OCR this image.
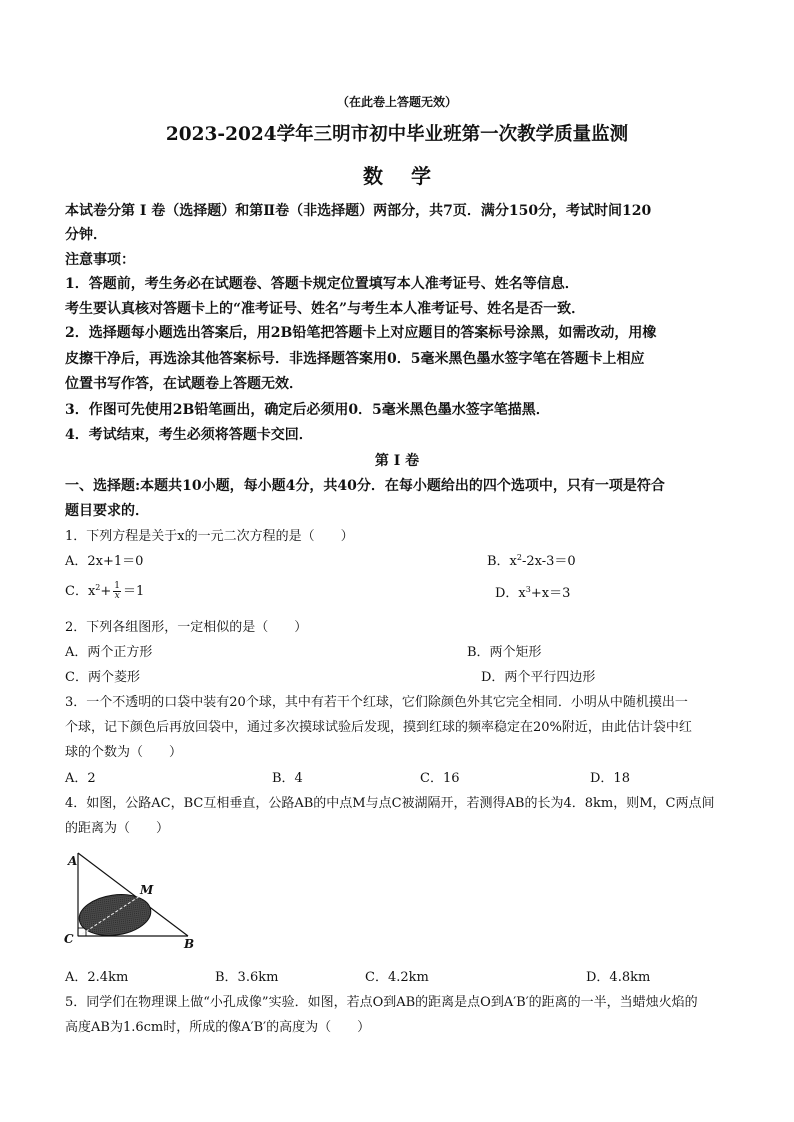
（在此卷上答题无效）
2023-2024学年三明市初中毕业班第一次教学质量监测
数学
本试卷分第 I 卷（选择题）和第Ⅱ卷（非选择题）两部分，共7页．满分150分，考试时间120
分钟．
注意事项：
1．答题前，考生务必在试题卷、答题卡规定位置填写本人准考证号、姓名等信息．
考生要认真核对答题卡上的“准考证号、姓名”与考生本人准考证号、姓名是否一致．
2．选择题每小题选出答案后，用2B铅笔把答题卡上对应题目的答案标号涂黑，如需改动，用橡
皮擦干净后，再选涂其他答案标号．非选择题答案用0．5毫米黑色墨水签字笔在答题卡上相应
位置书写作答，在试题卷上答题无效．
3．作图可先使用2B铅笔画出，确定后必须用0．5毫米黑色墨水签字笔描黑．
4．考试结束，考生必须将答题卡交回．
第 I 卷
一、选择题:本题共10小题，每小题4分，共40分．在每小题给出的四个选项中，只有一项是符合
题目要求的．
1．下列方程是关于x的一元二次方程的是（　　）
A．2x+1＝0	B．$x^2-2x-3=0$
C．$x^2+ \frac{1}{x} =1$	D．$x^3+x=3$
2．下列各组图形，一定相似的是（　　）
A．两个正方形	B．两个矩形
C．两个菱形	D．两个平行四边形
3．一个不透明的口袋中装有20个球，其中有若干个红球，它们除颜色外其它完全相同．小明从中随机摸出一
个球，记下颜色后再放回袋中，通过多次摸球试验后发现，摸到红球的频率稳定在20%附近，由此估计袋中红
球的个数为（　　）
A．2	B．4	C．16	D．18
4．如图，公路AC，BC互相垂直，公路AB的中点M与点C被湖隔开，若测得AB的长为4．8km，则M，C两点间
的距离为（　　）
A
M
C	B
A．2.4km	B．3.6km	C．4.2km	D．4.8km
5．同学们在物理课上做“小孔成像”实验．如图，若点O到AB的距离是点O到A′B′的距离的一半，当蜡烛火焰的
高度AB为1.6cm时，所成的像A′B′的高度为（　　）
